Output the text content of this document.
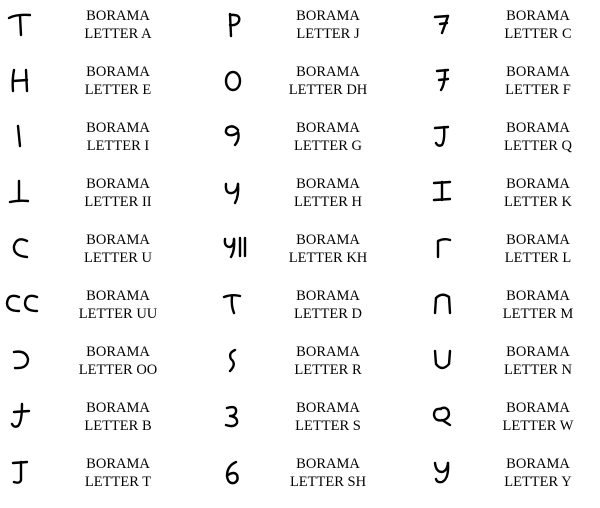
BORAMA
LETTER A
BORAMA
LETTER E
BORAMA
LETTER I
BORAMA
LETTER II
BORAMA
LETTER U
BORAMA
LETTER UU
BORAMA
LETTER OO
BORAMA
LETTER B
BORAMA
LETTER T
BORAMA
LETTER J
BORAMA
LETTER DH
BORAMA
LETTER G
BORAMA
LETTER H
BORAMA
LETTER KH
BORAMA
LETTER D
BORAMA
LETTER R
BORAMA
LETTER S
BORAMA
LETTER SH
BORAMA
LETTER C
BORAMA
LETTER F
BORAMA
LETTER Q
BORAMA
LETTER K
BORAMA
LETTER L
BORAMA
LETTER M
BORAMA
LETTER N
BORAMA
LETTER W
BORAMA
LETTER Y
